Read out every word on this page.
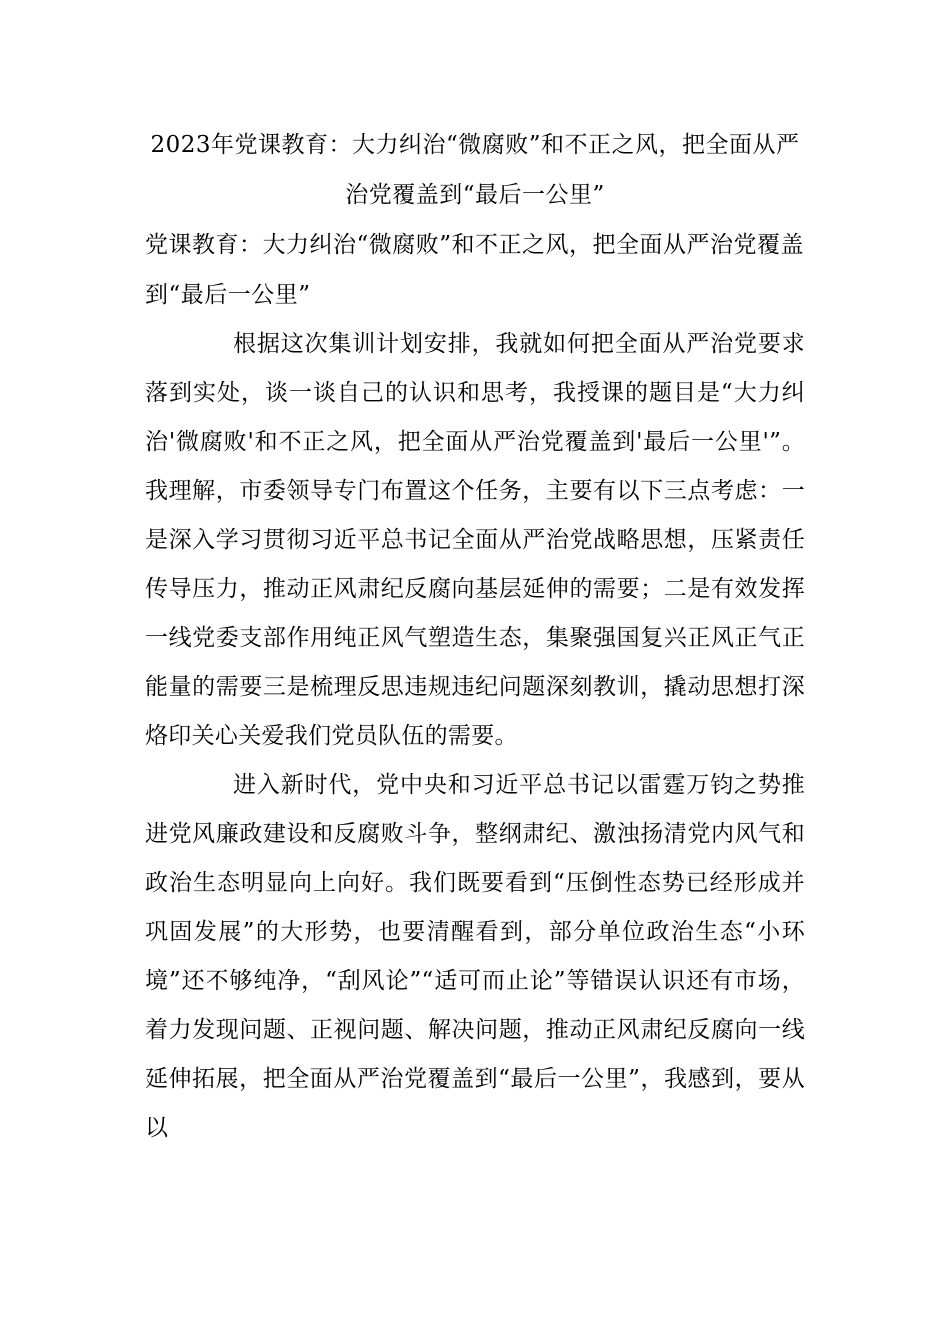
2023年党课教育：大力纠治“微腐败”和不正之风，把全面从严治党覆盖到“最后一公里”

党课教育：大力纠治“微腐败”和不正之风，把全面从严治党覆盖到“最后一公里”

根据这次集训计划安排，我就如何把全面从严治党要求落到实处，谈一谈自己的认识和思考，我授课的题目是“大力纠治'微腐败'和不正之风，把全面从严治党覆盖到'最后一公里'”。我理解，市委领导专门布置这个任务，主要有以下三点考虑：一是深入学习贯彻习近平总书记全面从严治党战略思想，压紧责任传导压力，推动正风肃纪反腐向基层延伸的需要；二是有效发挥一线党委支部作用纯正风气塑造生态，集聚强国复兴正风正气正能量的需要三是梳理反思违规违纪问题深刻教训，撬动思想打深烙印关心关爱我们党员队伍的需要。

进入新时代，党中央和习近平总书记以雷霆万钧之势推进党风廉政建设和反腐败斗争，整纲肃纪、激浊扬清党内风气和政治生态明显向上向好。我们既要看到“压倒性态势已经形成并巩固发展”的大形势，也要清醒看到，部分单位政治生态“小环境”还不够纯净，“刮风论”“适可而止论”等错误认识还有市场，着力发现问题、正视问题、解决问题，推动正风肃纪反腐向一线延伸拓展，把全面从严治党覆盖到“最后一公里”，我感到，要从以
